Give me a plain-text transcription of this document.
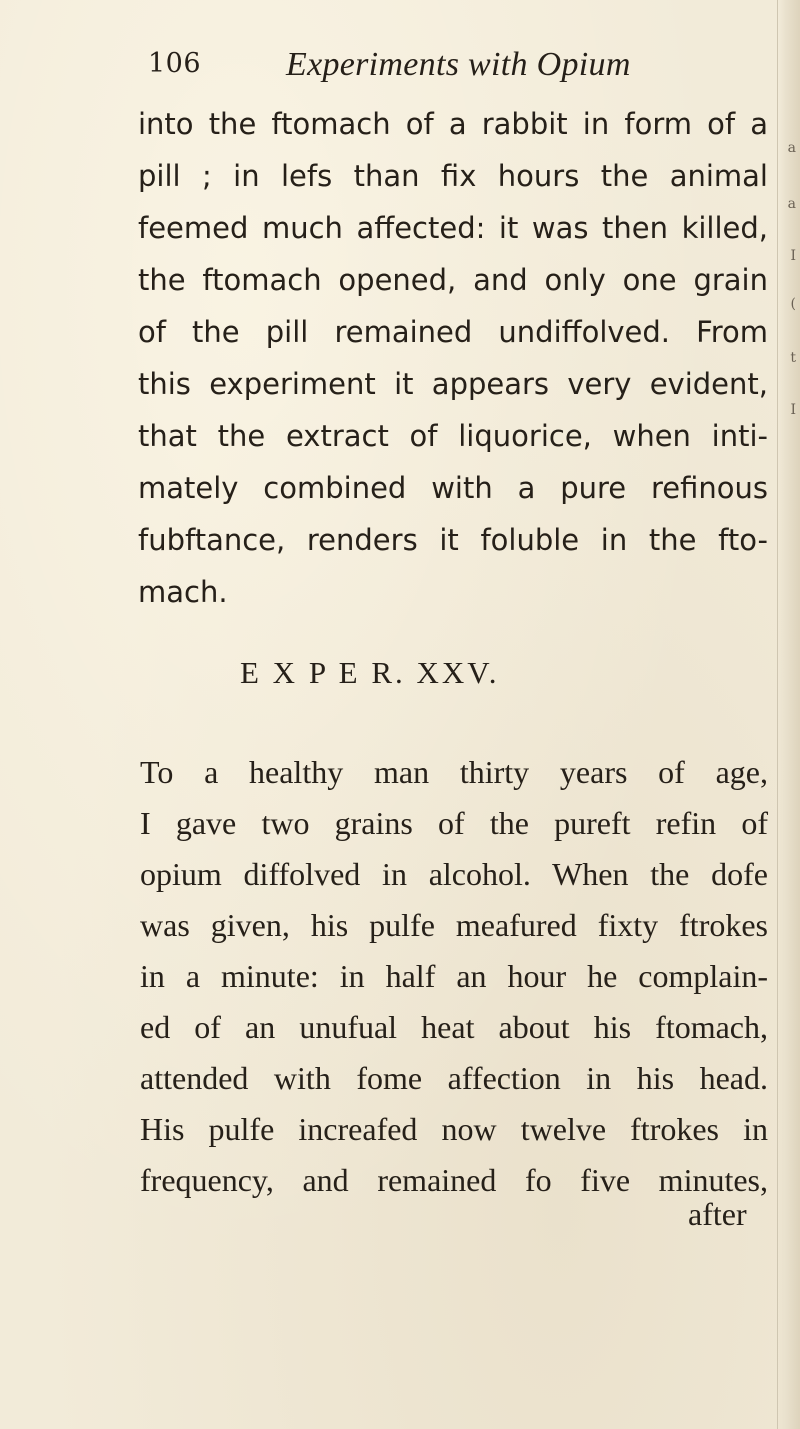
a
a
I
(
t
I
106 Experiments with Opium
into the ftomach of a rabbit in form of a
pill ; in lefs than fix hours the animal
feemed much affected: it was then killed,
the ftomach opened, and only one grain
of the pill remained undiffolved. From
this experiment it appears very evident,
that the extract of liquorice, when inti-
mately combined with a pure refinous
fubftance, renders it foluble in the fto-
mach.
E X P E R. XXV.
To a healthy man thirty years of age,
I gave two grains of the pureft refin of
opium diffolved in alcohol. When the dofe
was given, his pulfe meafured fixty ftrokes
in a minute: in half an hour he complain-
ed of an unufual heat about his ftomach,
attended with fome affection in his head.
His pulfe increafed now twelve ftrokes in
frequency, and remained fo five minutes,
after
